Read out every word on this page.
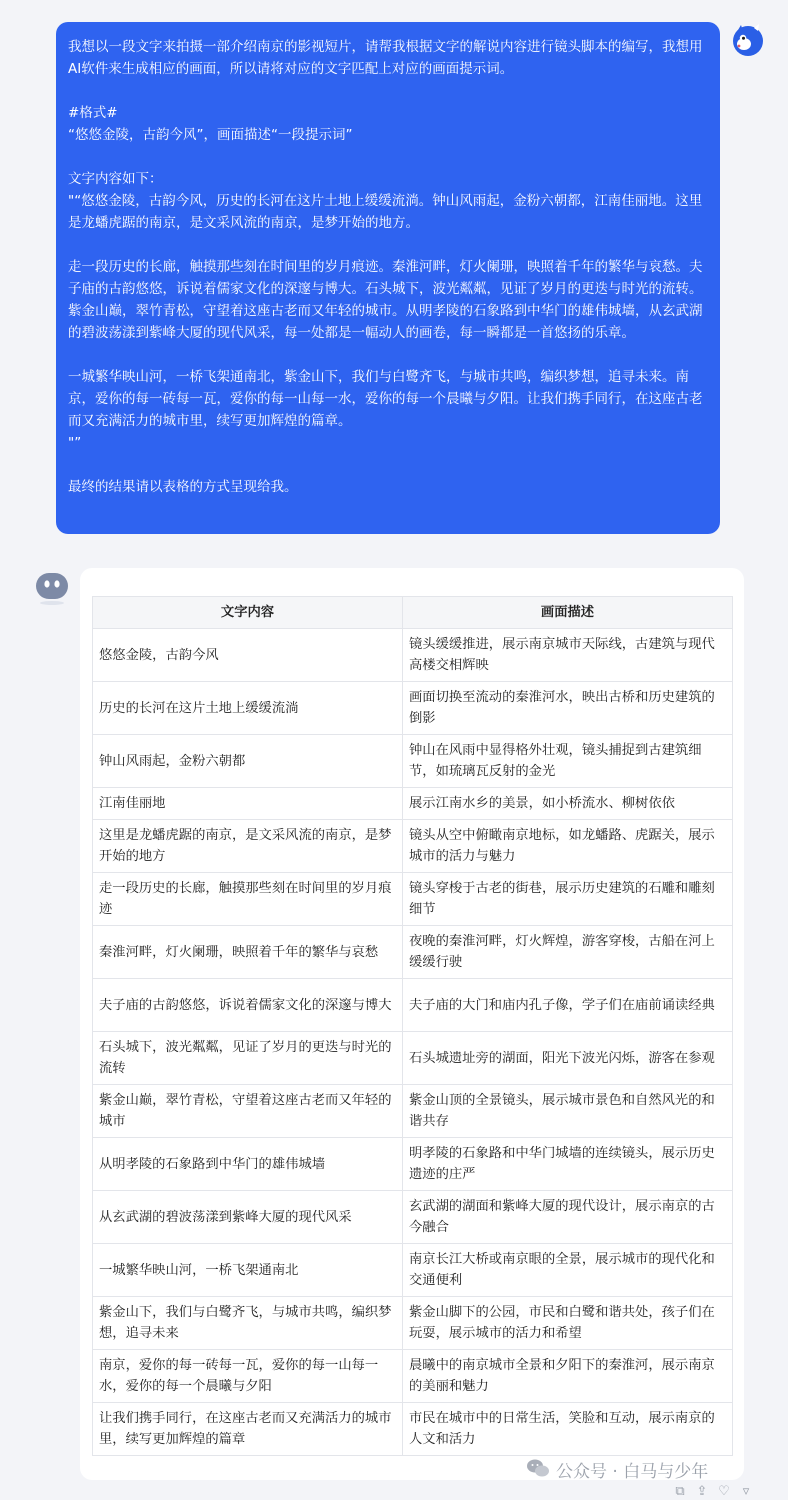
我想以一段文字来拍摄一部介绍南京的影视短片，请帮我根据文字的解说内容进行镜头脚本的编写，我想用AI软件来生成相应的画面，所以请将对应的文字匹配上对应的画面提示词。

#格式#
“悠悠金陵，古韵今风”，画面描述“一段提示词”

文字内容如下：
"“悠悠金陵，古韵今风，历史的长河在这片土地上缓缓流淌。钟山风雨起，金粉六朝都，江南佳丽地。这里是龙蟠虎踞的南京，是文采风流的南京，是梦开始的地方。

走一段历史的长廊，触摸那些刻在时间里的岁月痕迹。秦淮河畔，灯火阑珊，映照着千年的繁华与哀愁。夫子庙的古韵悠悠，诉说着儒家文化的深邃与博大。石头城下，波光粼粼，见证了岁月的更迭与时光的流转。紫金山巅，翠竹青松，守望着这座古老而又年轻的城市。从明孝陵的石象路到中华门的雄伟城墙，从玄武湖的碧波荡漾到紫峰大厦的现代风采，每一处都是一幅动人的画卷，每一瞬都是一首悠扬的乐章。

一城繁华映山河，一桥飞架通南北，紫金山下，我们与白鹭齐飞，与城市共鸣，编织梦想，追寻未来。南京，爱你的每一砖每一瓦，爱你的每一山每一水，爱你的每一个晨曦与夕阳。让我们携手同行，在这座古老而又充满活力的城市里，续写更加辉煌的篇章。
"”

最终的结果请以表格的方式呈现给我。

文字内容	画面描述
悠悠金陵，古韵今风	镜头缓缓推进，展示南京城市天际线，古建筑与现代高楼交相辉映
历史的长河在这片土地上缓缓流淌	画面切换至流动的秦淮河水，映出古桥和历史建筑的倒影
钟山风雨起，金粉六朝都	钟山在风雨中显得格外壮观，镜头捕捉到古建筑细节，如琉璃瓦反射的金光
江南佳丽地	展示江南水乡的美景，如小桥流水、柳树依依
这里是龙蟠虎踞的南京，是文采风流的南京，是梦开始的地方	镜头从空中俯瞰南京地标，如龙蟠路、虎踞关，展示城市的活力与魅力
走一段历史的长廊，触摸那些刻在时间里的岁月痕迹	镜头穿梭于古老的街巷，展示历史建筑的石雕和雕刻细节
秦淮河畔，灯火阑珊，映照着千年的繁华与哀愁	夜晚的秦淮河畔，灯火辉煌，游客穿梭，古船在河上缓缓行驶
夫子庙的古韵悠悠，诉说着儒家文化的深邃与博大	夫子庙的大门和庙内孔子像，学子们在庙前诵读经典
石头城下，波光粼粼，见证了岁月的更迭与时光的流转	石头城遗址旁的湖面，阳光下波光闪烁，游客在参观
紫金山巅，翠竹青松，守望着这座古老而又年轻的城市	紫金山顶的全景镜头，展示城市景色和自然风光的和谐共存
从明孝陵的石象路到中华门的雄伟城墙	明孝陵的石象路和中华门城墙的连续镜头，展示历史遗迹的庄严
从玄武湖的碧波荡漾到紫峰大厦的现代风采	玄武湖的湖面和紫峰大厦的现代设计，展示南京的古今融合
一城繁华映山河，一桥飞架通南北	南京长江大桥或南京眼的全景，展示城市的现代化和交通便利
紫金山下，我们与白鹭齐飞，与城市共鸣，编织梦想，追寻未来	紫金山脚下的公园，市民和白鹭和谐共处，孩子们在玩耍，展示城市的活力和希望
南京，爱你的每一砖每一瓦，爱你的每一山每一水，爱你的每一个晨曦与夕阳	晨曦中的南京城市全景和夕阳下的秦淮河，展示南京的美丽和魅力
让我们携手同行，在这座古老而又充满活力的城市里，续写更加辉煌的篇章	市民在城市中的日常生活，笑脸和互动，展示南京的人文和活力
公众号 · 白马与少年
⧉ ⇪ ♡ ▿
